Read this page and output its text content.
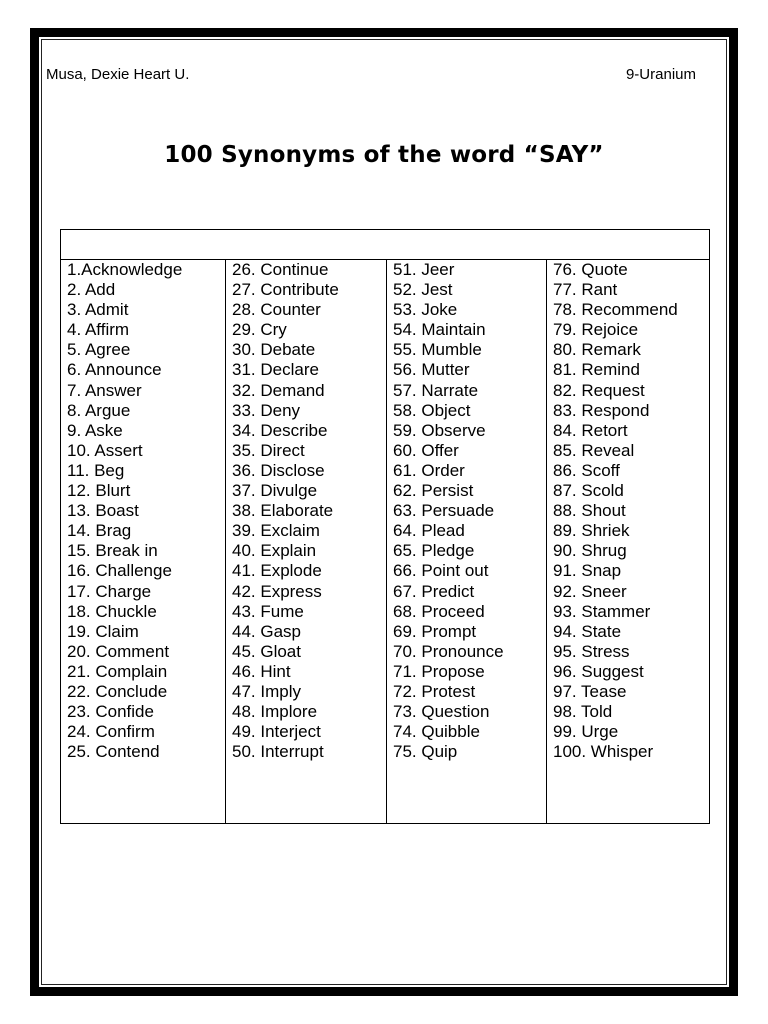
Musa, Dexie Heart U.	9-Uranium
100 Synonyms of the word “SAY”
1.Acknowledge
2. Add
3. Admit
4. Affirm
5. Agree
6. Announce
7. Answer
8. Argue
9. Aske
10. Assert
11. Beg
12. Blurt
13. Boast
14. Brag
15. Break in
16. Challenge
17. Charge
18. Chuckle
19. Claim
20. Comment
21. Complain
22. Conclude
23. Confide
24. Confirm
25. Contend
26. Continue
27. Contribute
28. Counter
29. Cry
30. Debate
31. Declare
32. Demand
33. Deny
34. Describe
35. Direct
36. Disclose
37. Divulge
38. Elaborate
39. Exclaim
40. Explain
41. Explode
42. Express
43. Fume
44. Gasp
45. Gloat
46. Hint
47. Imply
48. Implore
49. Interject
50. Interrupt
51. Jeer
52. Jest
53. Joke
54. Maintain
55. Mumble
56. Mutter
57. Narrate
58. Object
59. Observe
60. Offer
61. Order
62. Persist
63. Persuade
64. Plead
65. Pledge
66. Point out
67. Predict
68. Proceed
69. Prompt
70. Pronounce
71. Propose
72. Protest
73. Question
74. Quibble
75. Quip
76. Quote
77. Rant
78. Recommend
79. Rejoice
80. Remark
81. Remind
82. Request
83. Respond
84. Retort
85. Reveal
86. Scoff
87. Scold
88. Shout
89. Shriek
90. Shrug
91. Snap
92. Sneer
93. Stammer
94. State
95. Stress
96. Suggest
97. Tease
98. Told
99. Urge
100. Whisper
